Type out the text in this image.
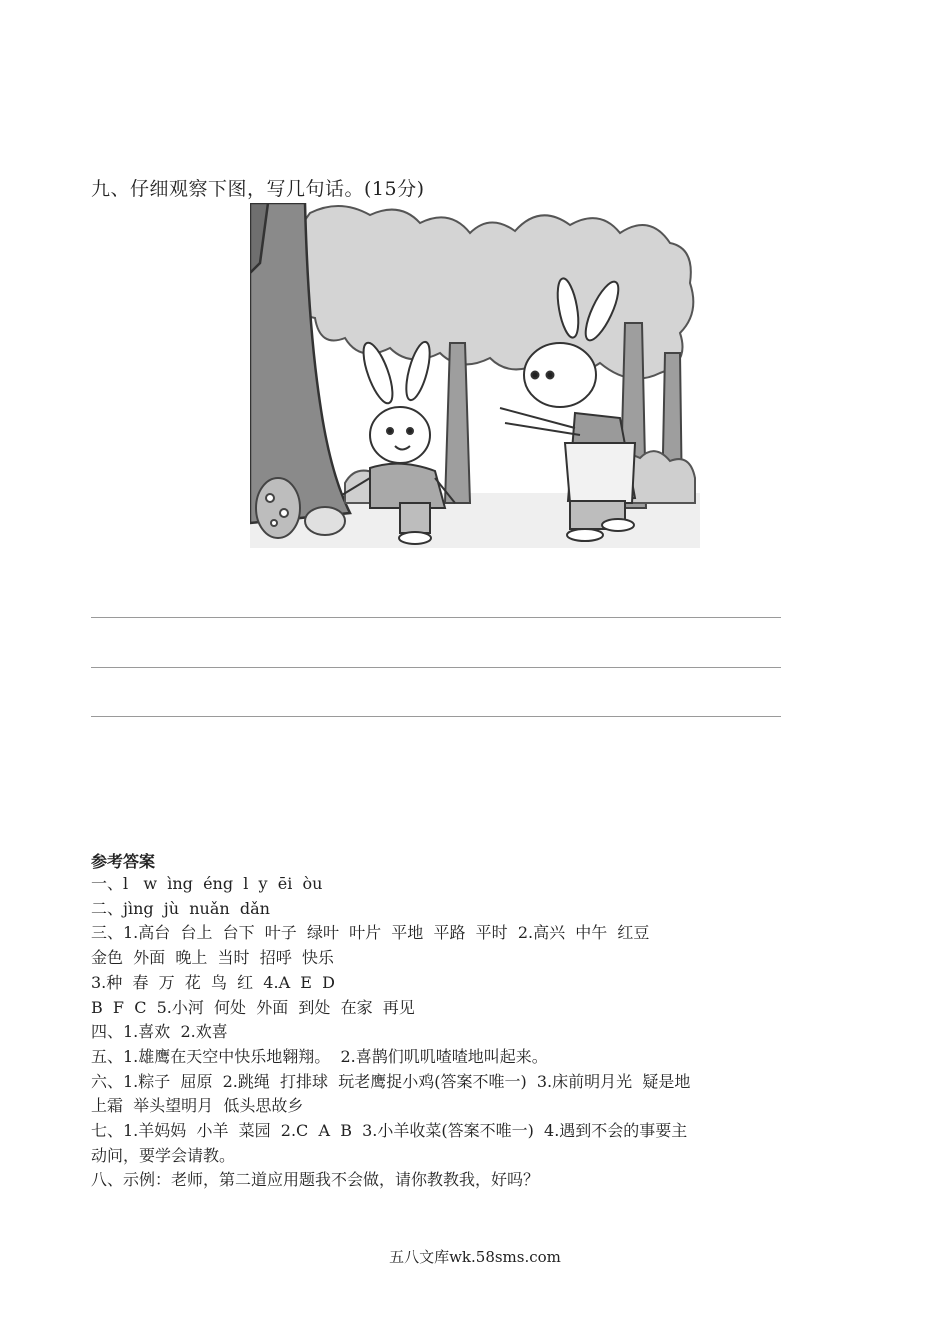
九、仔细观察下图，写几句话。(15分)
参考答案
一、l   w  ìng  éng  l  y  ēi  òu
二、jìng  jù  nuǎn  dǎn
三、1.高台  台上  台下  叶子  绿叶  叶片  平地  平路  平时  2.高兴  中午  红豆
金色  外面  晚上  当时  招呼  快乐
3.种  春  万  花  鸟  红  4.A  E  D
B  F  C  5.小河  何处  外面  到处  在家  再见
四、1.喜欢  2.欢喜
五、1.雄鹰在天空中快乐地翱翔。  2.喜鹊们叽叽喳喳地叫起来。
六、1.粽子  屈原  2.跳绳  打排球  玩老鹰捉小鸡(答案不唯一)  3.床前明月光  疑是地
上霜  举头望明月  低头思故乡
七、1.羊妈妈  小羊  菜园  2.C  A  B  3.小羊收菜(答案不唯一)  4.遇到不会的事要主
动问，要学会请教。
八、示例：老师，第二道应用题我不会做，请你教教我，好吗？
五八文库wk.58sms.com
